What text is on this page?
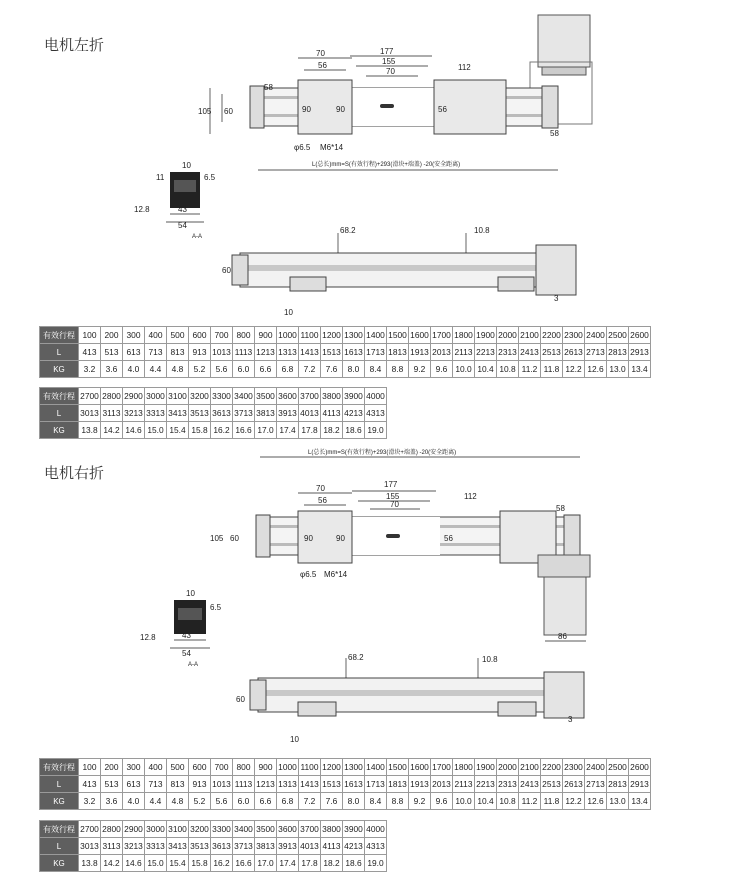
电机左折	70
56
177
155
70	112
58
105 60
58
90	90	56
φ6.5 M6*14
L(总长)mm=S(有效行程)+293(滑块+端盖) -20(安全距离)
10
11	6.5
12.8	43
54
A-A
68.2	10.8
60
10
3
有效行程	100	200	300	400	500	600	700	800	900	1000	1100	1200	1300	1400	1500	1600	1700	1800	1900	2000	2100	2200	2300	2400	2500	2600
L	413	513	613	713	813	913	1013	1113	1213	1313	1413	1513	1613	1713	1813	1913	2013	2113	2213	2313	2413	2513	2613	2713	2813	2913
KG	3.2	3.6	4.0	4.4	4.8	5.2	5.6	6.0	6.6	6.8	7.2	7.6	8.0	8.4	8.8	9.2	9.6	10.0	10.4	10.8	11.2	11.8	12.2	12.6	13.0	13.4
有效行程	2700	2800	2900	3000	3100	3200	3300	3400	3500	3600	3700	3800	3900	4000
L	3013	3113	3213	3313	3413	3513	3613	3713	3813	3913	4013	4113	4213	4313
KG	13.8	14.2	14.6	15.0	15.4	15.8	16.2	16.6	17.0	17.4	17.8	18.2	18.6	19.0
电机右折
L(总长)mm=S(有效行程)+293(滑块+端盖) -20(安全距离)
70
56
177
155
70
112
58
105 60	90	90	56
φ6.5 M6*14
86
10
6.5
12.8	43
54
A-A
68.2	10.8
60
10
3
有效行程	100	200	300	400	500	600	700	800	900	1000	1100	1200	1300	1400	1500	1600	1700	1800	1900	2000	2100	2200	2300	2400	2500	2600
L	413	513	613	713	813	913	1013	1113	1213	1313	1413	1513	1613	1713	1813	1913	2013	2113	2213	2313	2413	2513	2613	2713	2813	2913
KG	3.2	3.6	4.0	4.4	4.8	5.2	5.6	6.0	6.6	6.8	7.2	7.6	8.0	8.4	8.8	9.2	9.6	10.0	10.4	10.8	11.2	11.8	12.2	12.6	13.0	13.4
有效行程	2700	2800	2900	3000	3100	3200	3300	3400	3500	3600	3700	3800	3900	4000
L	3013	3113	3213	3313	3413	3513	3613	3713	3813	3913	4013	4113	4213	4313
KG	13.8	14.2	14.6	15.0	15.4	15.8	16.2	16.6	17.0	17.4	17.8	18.2	18.6	19.0
